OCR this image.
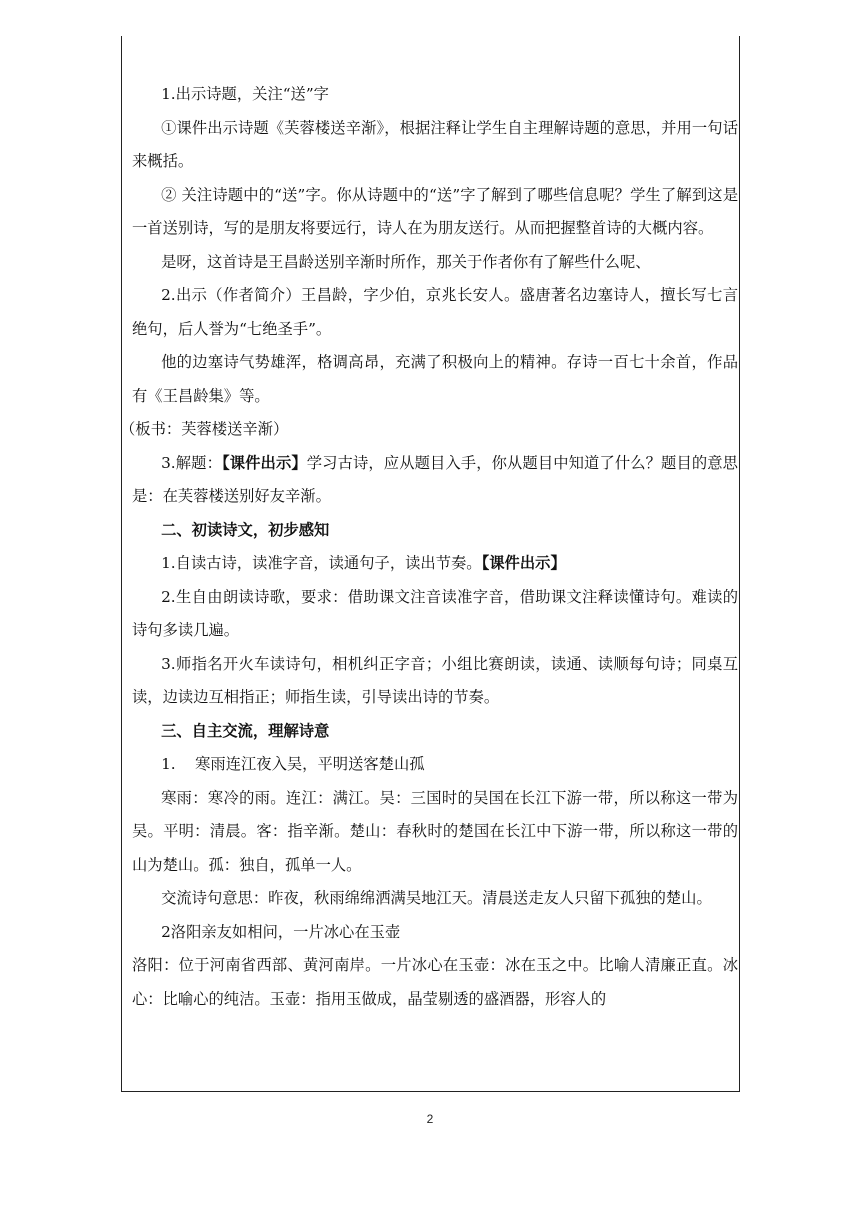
1.出示诗题，关注“送”字

①课件出示诗题《芙蓉楼送辛渐》，根据注释让学生自主理解诗题的意思，并用一句话来概括。

② 关注诗题中的“送”字。你从诗题中的“送”字了解到了哪些信息呢？学生了解到这是一首送别诗，写的是朋友将要远行，诗人在为朋友送行。从而把握整首诗的大概内容。

是呀，这首诗是王昌龄送别辛渐时所作，那关于作者你有了解些什么呢、

2.出示（作者简介）王昌龄，字少伯，京兆长安人。盛唐著名边塞诗人，擅长写七言绝句，后人誉为“七绝圣手”。

他的边塞诗气势雄浑，格调高昂，充满了积极向上的精神。存诗一百七十余首，作品有《王昌龄集》等。

（板书：芙蓉楼送辛渐）

3.解题：【课件出示】学习古诗，应从题目入手，你从题目中知道了什么？题目的意思是：在芙蓉楼送别好友辛渐。

二、初读诗文，初步感知

1.自读古诗，读准字音，读通句子，读出节奏。【课件出示】

2.生自由朗读诗歌，要求：借助课文注音读准字音，借助课文注释读懂诗句。难读的诗句多读几遍。

3.师指名开火车读诗句，相机纠正字音；小组比赛朗读，读通、读顺每句诗；同桌互读，边读边互相指正；师指生读，引导读出诗的节奏。

三、自主交流，理解诗意

1.    寒雨连江夜入吴，平明送客楚山孤

寒雨：寒冷的雨。连江：满江。吴：三国时的吴国在长江下游一带，所以称这一带为吴。平明：清晨。客：指辛渐。楚山：春秋时的楚国在长江中下游一带，所以称这一带的山为楚山。孤：独自，孤单一人。

交流诗句意思：昨夜，秋雨绵绵洒满吴地江天。清晨送走友人只留下孤独的楚山。

2洛阳亲友如相问，一片冰心在玉壶

洛阳：位于河南省西部、黄河南岸。一片冰心在玉壶：冰在玉之中。比喻人清廉正直。冰心：比喻心的纯洁。玉壶：指用玉做成，晶莹剔透的盛酒器，形容人的

2
